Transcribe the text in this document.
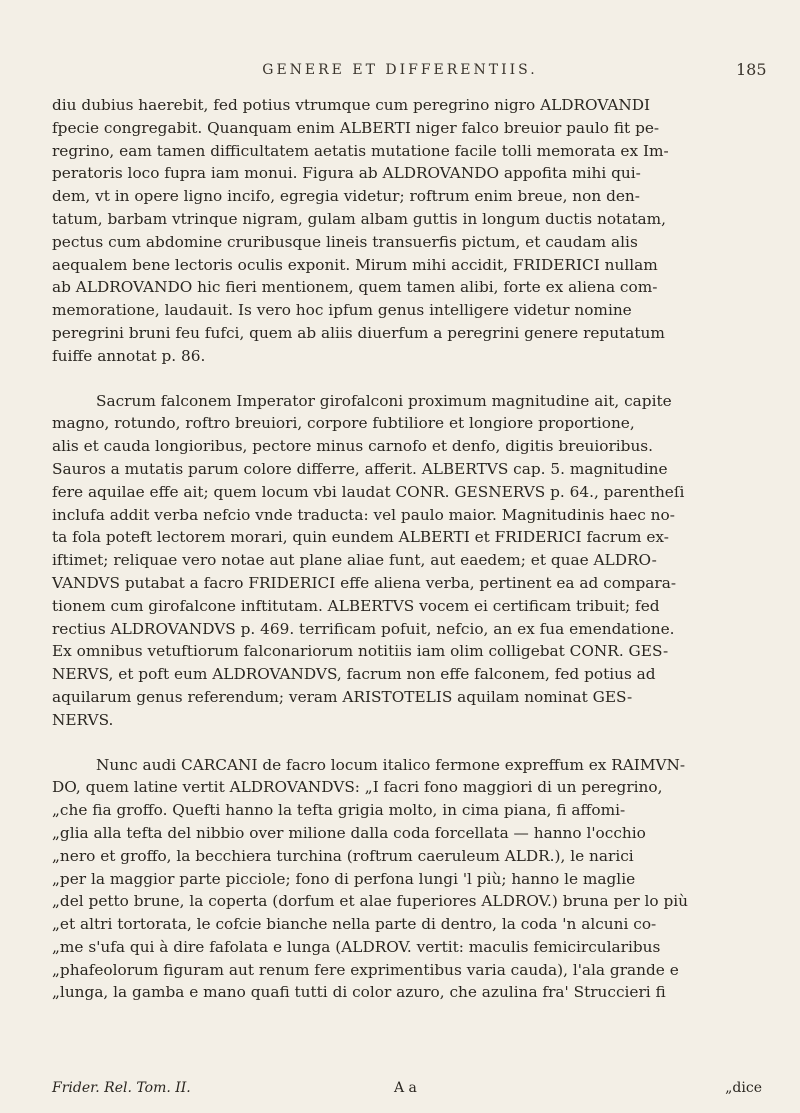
GENERE ET DIFFERENTIIS.	185
diu dubius haerebit, fed potius vtrumque cum peregrino nigro ALDROVANDI
fpecie congregabit. Quanquam enim ALBERTI niger falco breuior paulo fit pe-
regrino, eam tamen difficultatem aetatis mutatione facile tolli memorata ex Im-
peratoris loco fupra iam monui. Figura ab ALDROVANDO appofita mihi qui-
dem, vt in opere ligno incifo, egregia videtur; roftrum enim breue, non den-
tatum, barbam vtrinque nigram, gulam albam guttis in longum ductis notatam,
pectus cum abdomine cruribusque lineis transuerfis pictum, et caudam alis
aequalem bene lectoris oculis exponit. Mirum mihi accidit, FRIDERICI nullam
ab ALDROVANDO hic fieri mentionem, quem tamen alibi, forte ex aliena com-
memoratione, laudauit. Is vero hoc ipfum genus intelligere videtur nomine
peregrini bruni feu fufci, quem ab aliis diuerfum a peregrini genere reputatum
fuiffe annotat p. 86.
Sacrum falconem Imperator girofalconi proximum magnitudine ait, capite
magno, rotundo, roftro breuiori, corpore fubtiliore et longiore proportione,
alis et cauda longioribus, pectore minus carnofo et denfo, digitis breuioribus.
Sauros a mutatis parum colore differre, afferit. ALBERTVS cap. 5. magnitudine
fere aquilae effe ait; quem locum vbi laudat CONR. GESNERVS p. 64., parentheſi
inclufa addit verba nefcio vnde traducta: vel paulo maior. Magnitudinis haec no-
ta fola poteft lectorem morari, quin eundem ALBERTI et FRIDERICI facrum ex-
iftimet; reliquae vero notae aut plane aliae funt, aut eaedem; et quae ALDRO-
VANDVS putabat a facro FRIDERICI effe aliena verba, pertinent ea ad compara-
tionem cum girofalcone inftitutam. ALBERTVS vocem ei certificam tribuit; fed
rectius ALDROVANDVS p. 469. terrificam pofuit, nefcio, an ex fua emendatione.
Ex omnibus vetuftiorum falconariorum notitiis iam olim colligebat CONR. GES-
NERVS, et poft eum ALDROVANDVS, facrum non effe falconem, fed potius ad
aquilarum genus referendum; veram ARISTOTELIS aquilam nominat GES-
NERVS.
Nunc audi CARCANI de facro locum italico fermone expreffum ex RAIMVN-
DO, quem latine vertit ALDROVANDVS: „I facri fono maggiori di un peregrino,
„che fia groffo. Quefti hanno la tefta grigia molto, in cima piana, fi affomi-
„glia alla tefta del nibbio over milione dalla coda forcellata — hanno l'occhio
„nero et groffo, la becchiera turchina (roftrum caeruleum ALDR.), le narici
„per la maggior parte picciole; fono di perfona lungi 'l più; hanno le maglie
„del petto brune, la coperta (dorfum et alae fuperiores ALDROV.) bruna per lo più
„et altri tortorata, le cofcie bianche nella parte di dentro, la coda 'n alcuni co-
„me s'ufa qui à dire fafolata e lunga (ALDROV. vertit: maculis femicircularibus
„phafeolorum figuram aut renum fere exprimentibus varia cauda), l'ala grande e
„lunga, la gamba e mano quafi tutti di color azuro, che azulina fra' Struccieri fi
Frider. Rel. Tom. II.	A a	„dice
